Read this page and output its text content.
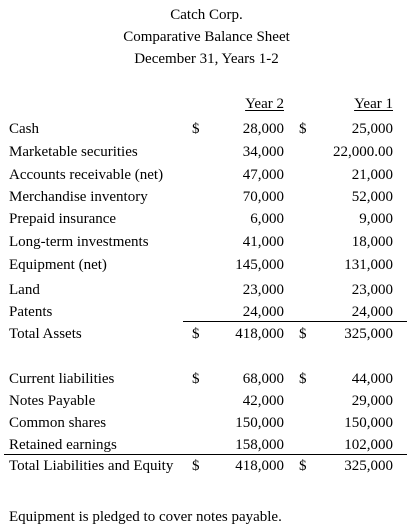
Catch Corp.
Comparative Balance Sheet
December 31, Years 1-2
Year 2	Year 1
Cash	$	28,000 $	25,000
Marketable securities	34,000	22,000.00
Accounts receivable (net)	47,000	21,000
Merchandise inventory	70,000	52,000
Prepaid insurance	6,000	9,000
Long-term investments	41,000	18,000
Equipment (net)	145,000	131,000
Land	23,000	23,000
Patents	24,000	24,000
Total Assets	$	418,000 $	325,000
Current liabilities	$	68,000 $	44,000
Notes Payable	42,000	29,000
Common shares	150,000	150,000
Retained earnings	158,000	102,000
Total Liabilities and Equity $	418,000 $	325,000
Equipment is pledged to cover notes payable.
